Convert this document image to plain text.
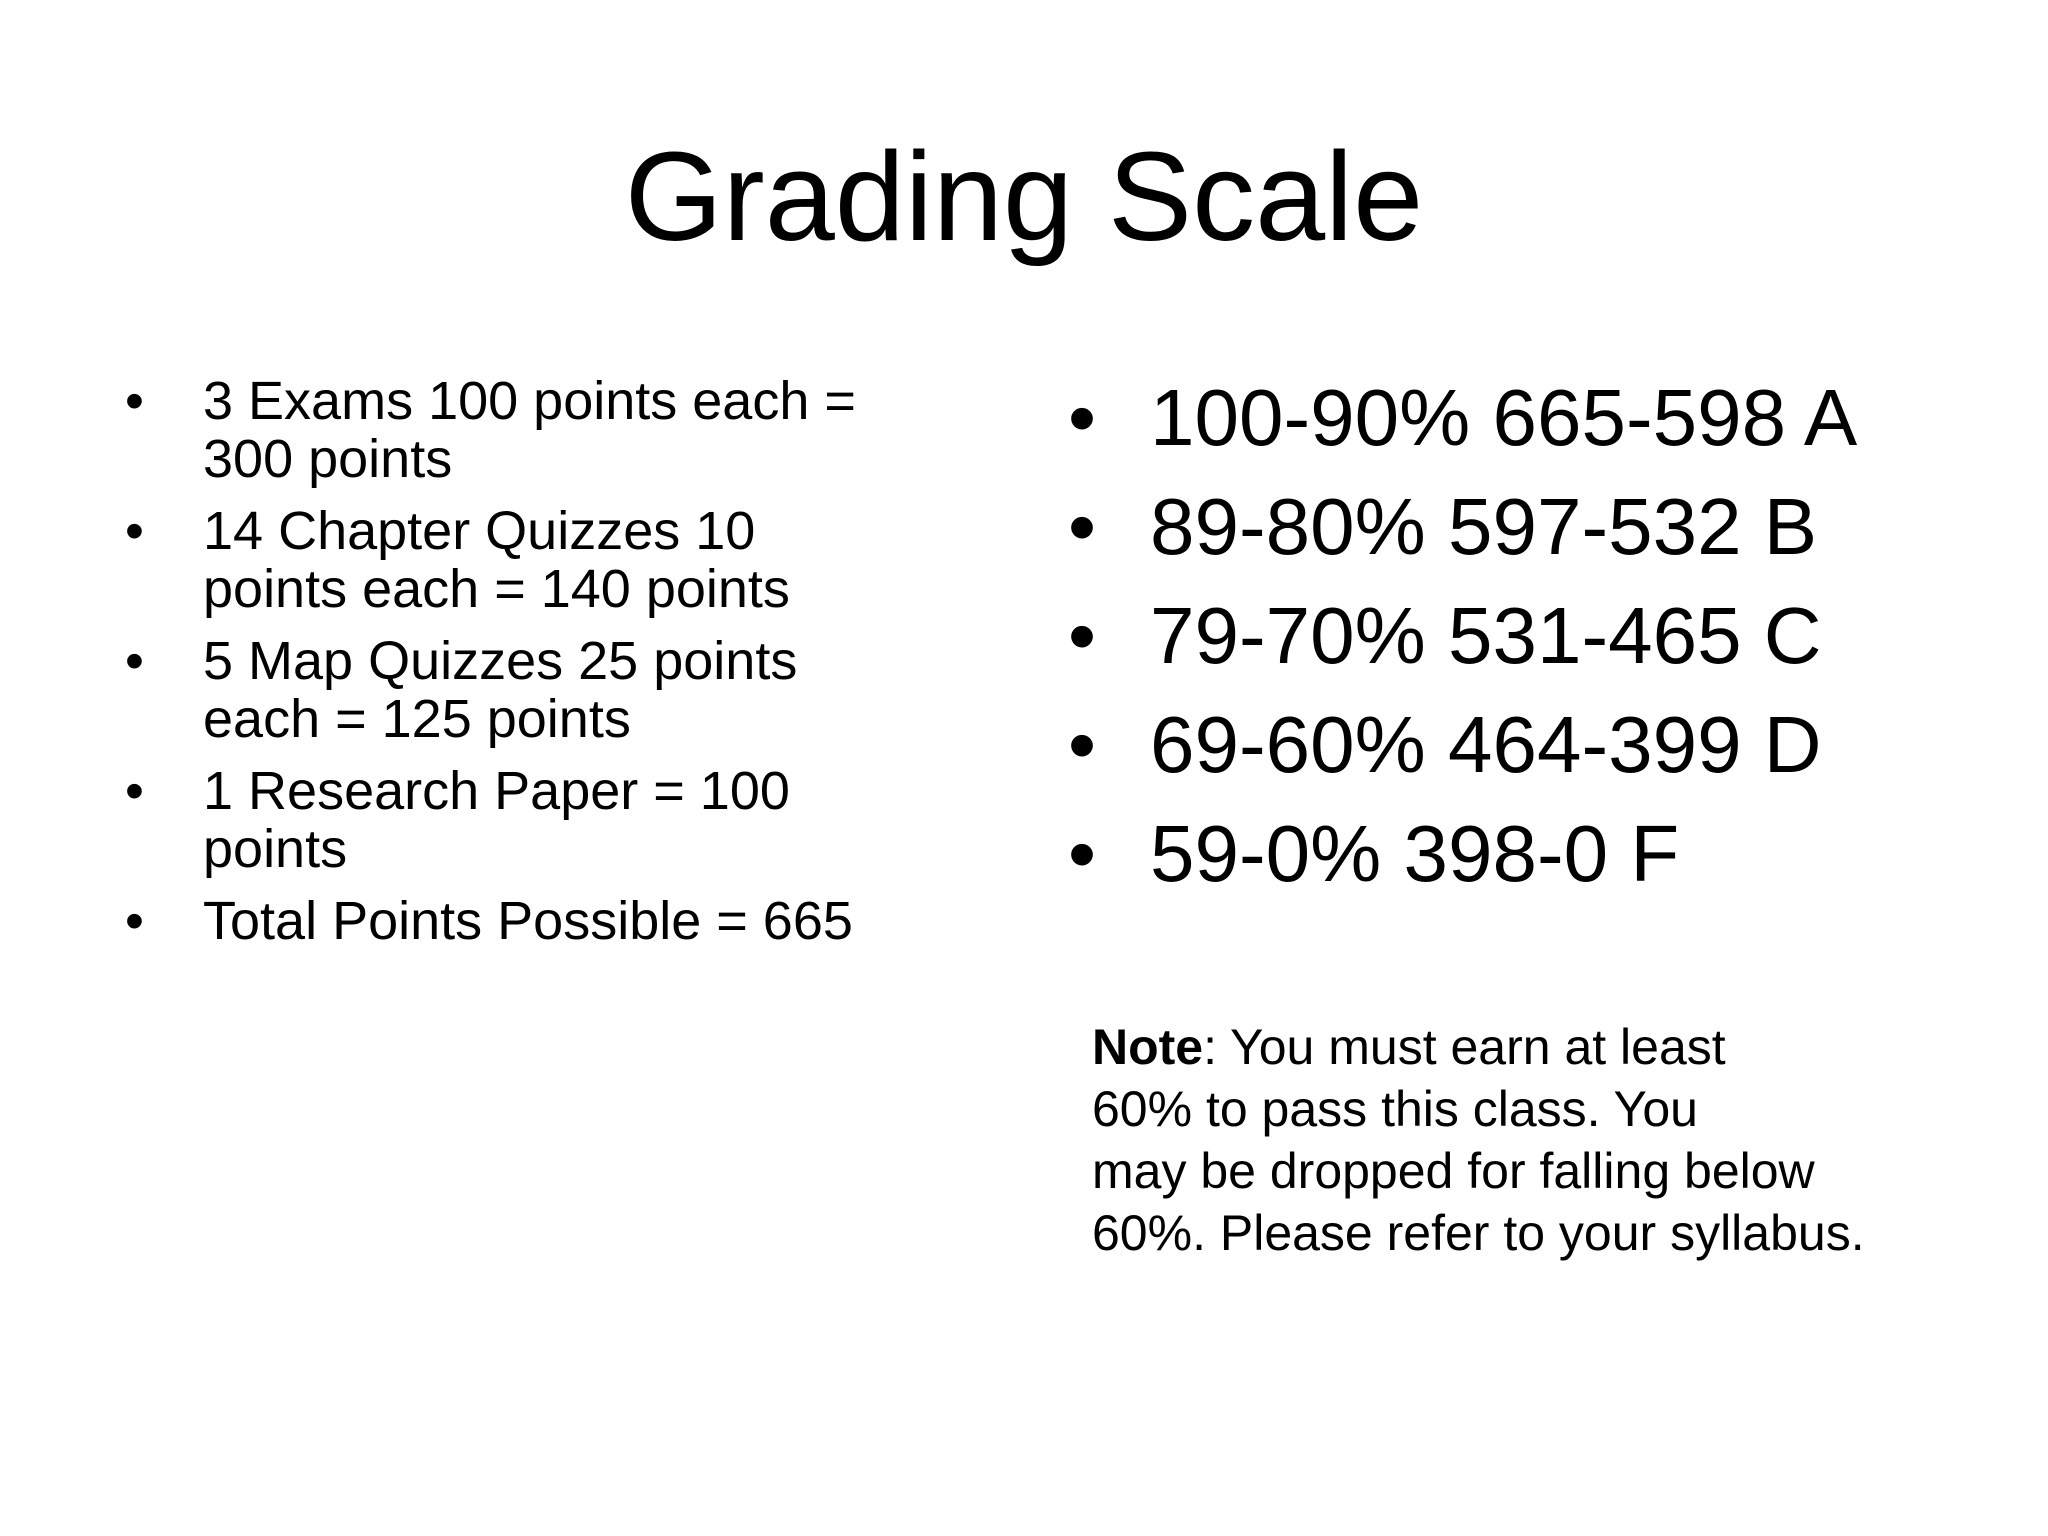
Grading Scale
• 3 Exams 100 points each =
300 points
• 14 Chapter Quizzes 10
points each = 140 points
• 5 Map Quizzes 25 points
each = 125 points
• 1 Research Paper = 100
points
• Total Points Possible = 665
• 100-90% 665-598 A
• 89-80% 597-532 B
• 79-70% 531-465 C
• 69-60% 464-399 D
• 59-0% 398-0 F

Note: You must earn at least
60% to pass this class. You
may be dropped for falling below
60%. Please refer to your syllabus.
